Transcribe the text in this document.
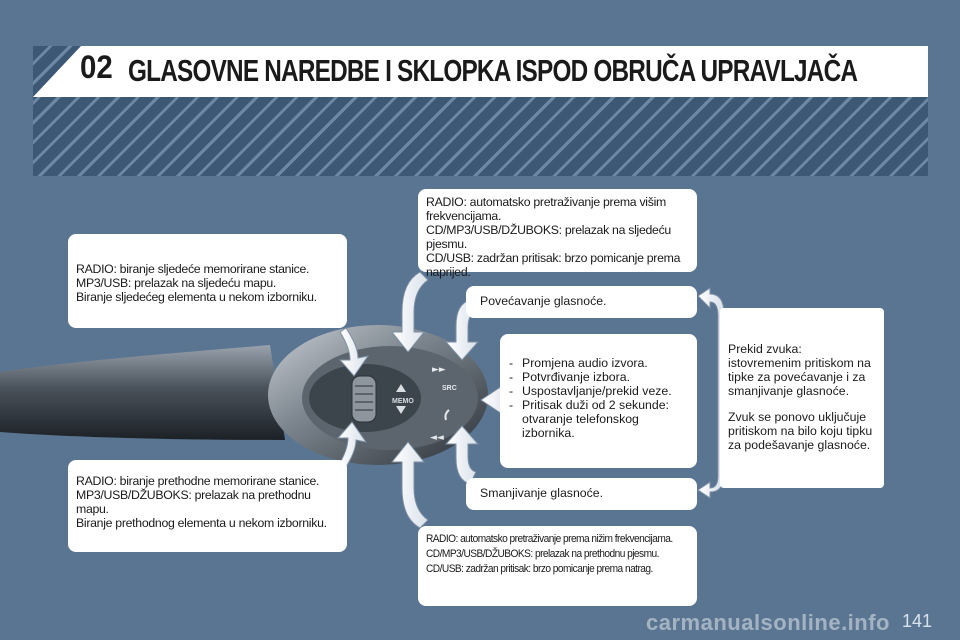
02 GLASOVNE NAREDBE I SKLOPKA ISPOD OBRUČA UPRAVLJAČA
MEMO
►►
◄◄
SRC

RADIO: biranje sljedeće memorirane stanice.

MP3/USB: prelazak na sljedeću mapu.

Biranje sljedećeg elementa u nekom izborniku.

RADIO: biranje prethodne memorirane stanice.

MP3/USB/DŽUBOKS: prelazak na prethodnu mapu.

Biranje prethodnog elementa u nekom izborniku.

RADIO: automatsko pretraživanje prema višim frekvencijama.

CD/MP3/USB/DŽUBOKS: prelazak na sljedeću pjesmu.

CD/USB: zadržan pritisak: brzo pomicanje prema naprijed.

Povećavanje glasnoće.

- Promjena audio izvora.
- Potvrđivanje izbora.
- Uspostavljanje/prekid veze.
- Pritisak duži od 2 sekunde: otvaranje telefonskog izbornika.

Smanjivanje glasnoće.

Prekid zvuka: istovremenim pritiskom na tipke za povećavanje i za smanjivanje glasnoće.

Zvuk se ponovo uključuje pritiskom na bilo koju tipku za podešavanje glasnoće.

RADIO: automatsko pretraživanje prema nižim frekvencijama.

CD/MP3/USB/DŽUBOKS: prelazak na prethodnu pjesmu.

CD/USB: zadržan pritisak: brzo pomicanje prema natrag.

carmanualsonline.info 141
